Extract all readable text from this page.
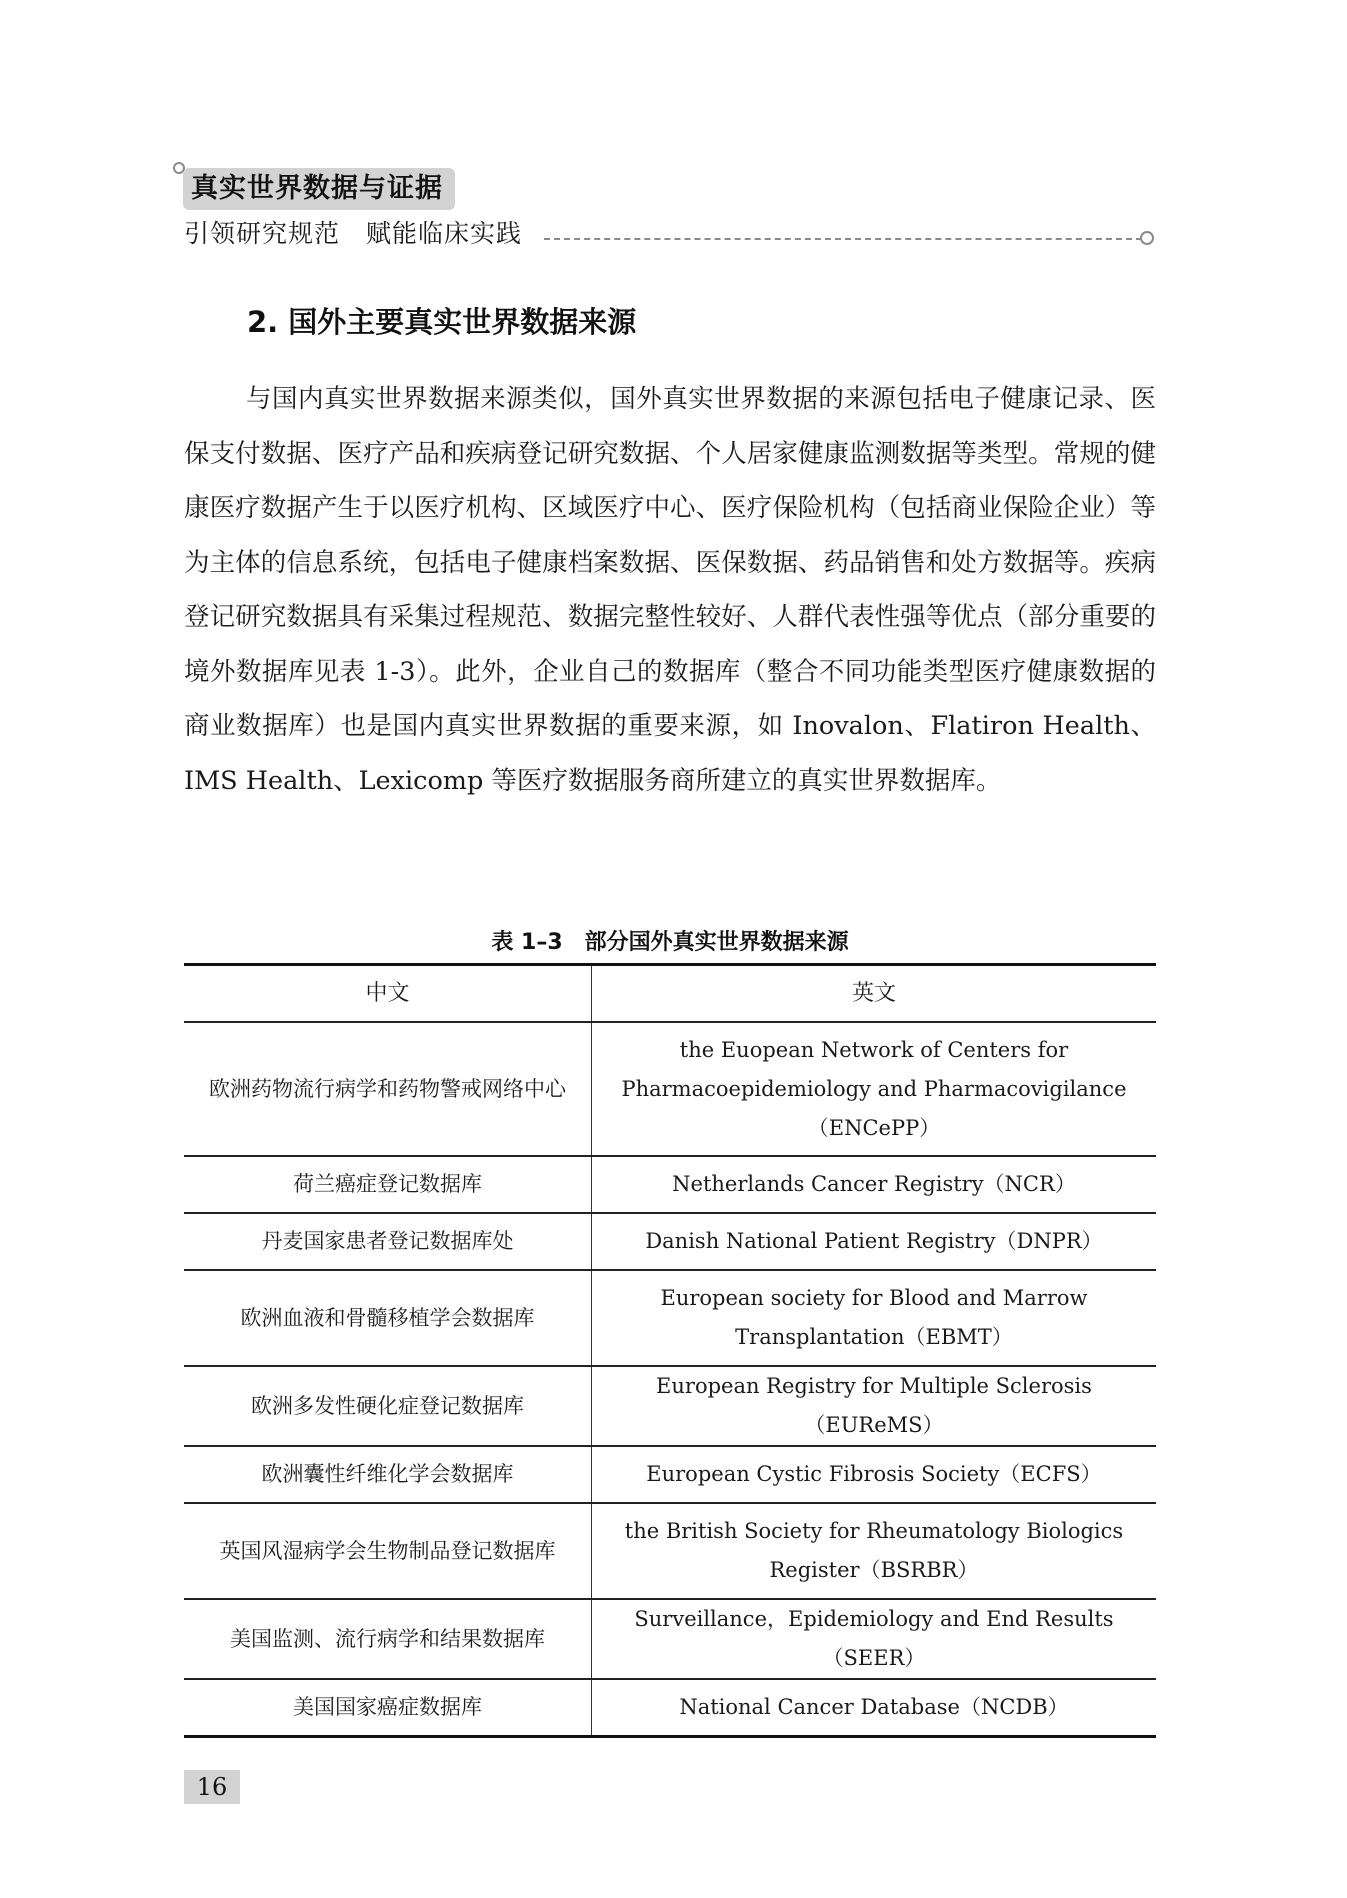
真实世界数据与证据
引领研究规范　赋能临床实践
2. 国外主要真实世界数据来源

与国内真实世界数据来源类似，国外真实世界数据的来源包括电子健康记录、医保支付数据、医疗产品和疾病登记研究数据、个人居家健康监测数据等类型。常规的健康医疗数据产生于以医疗机构、区域医疗中心、医疗保险机构（包括商业保险企业）等为主体的信息系统，包括电子健康档案数据、医保数据、药品销售和处方数据等。疾病登记研究数据具有采集过程规范、数据完整性较好、人群代表性强等优点（部分重要的境外数据库见表 1-3）。此外，企业自己的数据库（整合不同功能类型医疗健康数据的商业数据库）也是国内真实世界数据的重要来源，如 Inovalon、Flatiron Health、IMS Health、Lexicomp 等医疗数据服务商所建立的真实世界数据库。

表 1–3　部分国外真实世界数据来源
中文	英文
欧洲药物流行病学和药物警戒网络中心	the Euopean Network of Centers for Pharmacoepidemiology and Pharmacovigilance（ENCePP）
荷兰癌症登记数据库	Netherlands Cancer Registry（NCR）
丹麦国家患者登记数据库处	Danish National Patient Registry（DNPR）
欧洲血液和骨髓移植学会数据库	European society for Blood and Marrow Transplantation（EBMT）
欧洲多发性硬化症登记数据库	European Registry for Multiple Sclerosis（EUReMS）
欧洲囊性纤维化学会数据库	European Cystic Fibrosis Society（ECFS）
英国风湿病学会生物制品登记数据库	the British Society for Rheumatology Biologics Register（BSRBR）
美国监测、流行病学和结果数据库	Surveillance，Epidemiology and End Results（SEER）
美国国家癌症数据库	National Cancer Database（NCDB）
16
